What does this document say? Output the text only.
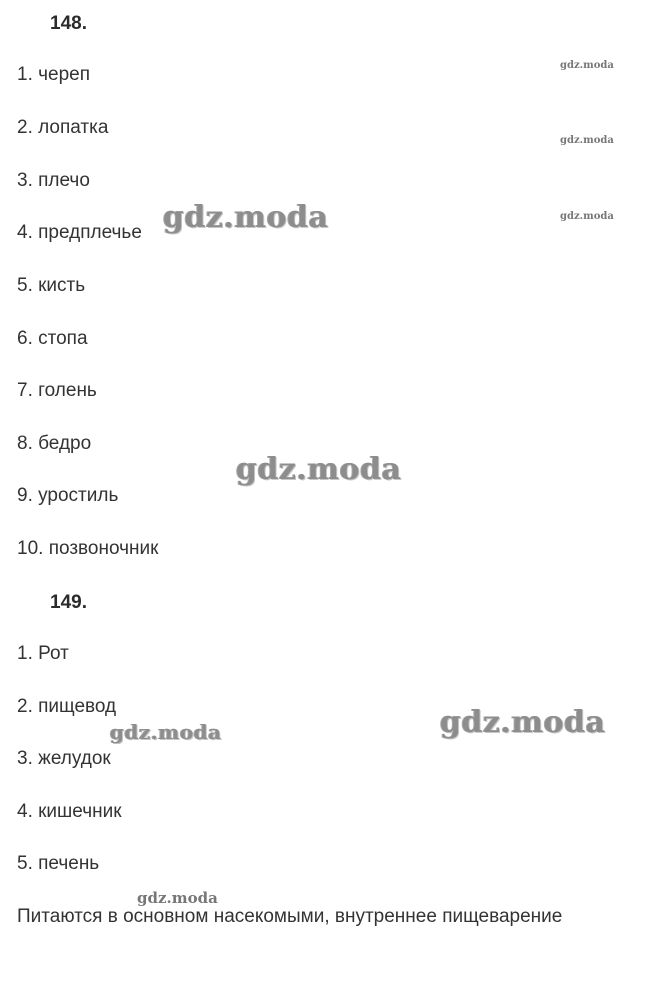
148.
1. череп
2. лопатка
3. плечо
4. предплечье
5. кисть
6. стопа
7. голень
8. бедро
9. уростиль
10. позвоночник
149.
1. Рот
2. пищевод
3. желудок
4. кишечник
5. печень
Питаются в основном насекомыми, внутреннее пищеварение
gdz.moda
gdz.moda
gdz.moda
gdz.moda
gdz.moda
gdz.moda
gdz.moda
gdz.moda
